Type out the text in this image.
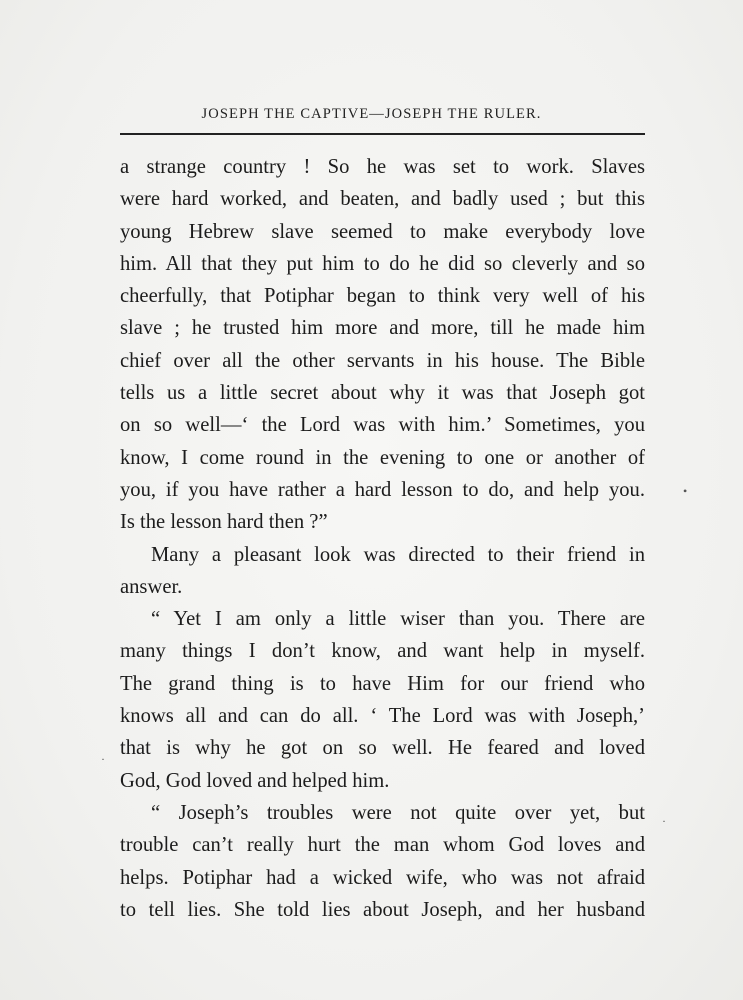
JOSEPH THE CAPTIVE—JOSEPH THE RULER.
a strange country ! So he was set to work. Slaves
were hard worked, and beaten, and badly used ; but this
young Hebrew slave seemed to make everybody love
him. All that they put him to do he did so cleverly and so
cheerfully, that Potiphar began to think very well of his
slave ; he trusted him more and more, till he made him
chief over all the other servants in his house. The Bible
tells us a little secret about why it was that Joseph got
on so well—‘ the Lord was with him.’ Sometimes, you
know, I come round in the evening to one or another of
you, if you have rather a hard lesson to do, and help you.
Is the lesson hard then ?”
Many a pleasant look was directed to their friend in
answer.
“ Yet I am only a little wiser than you. There are
many things I don’t know, and want help in myself.
The grand thing is to have Him for our friend who
knows all and can do all. ‘ The Lord was with Joseph,’
that is why he got on so well. He feared and loved
God, God loved and helped him.
“ Joseph’s troubles were not quite over yet, but
trouble can’t really hurt the man whom God loves and
helps. Potiphar had a wicked wife, who was not afraid
to tell lies. She told lies about Joseph, and her husband
•
·
·
